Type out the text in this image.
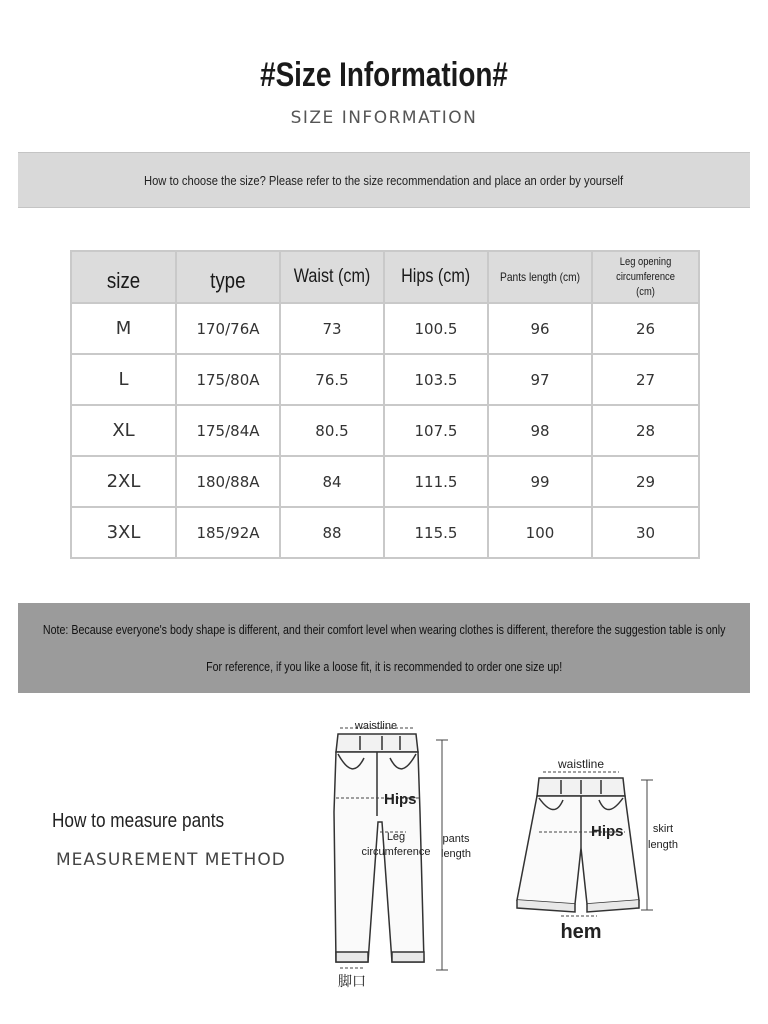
#Size Information#
SIZE INFORMATION
How to choose the size? Please refer to the size recommendation and place an order by yourself
size	type	Waist (cm)	Hips (cm)	Pants length (cm)	Leg opening
circumference
(cm)
M	170/76A	73	100.5	96	26
L	175/80A	76.5	103.5	97	27
XL	175/84A	80.5	107.5	98	28
2XL	180/88A	84	111.5	99	29
3XL	185/92A	88	115.5	100	30
Note: Because everyone's body shape is different, and their comfort level when wearing clothes is different, therefore the suggestion table is only
For reference, if you like a loose fit, it is recommended to order one size up!
How to measure pants
MEASUREMENT METHOD
waistline
Hips
Leg
circumference
pants
length
脚口
waistline
Hips	skirt
length
hem
